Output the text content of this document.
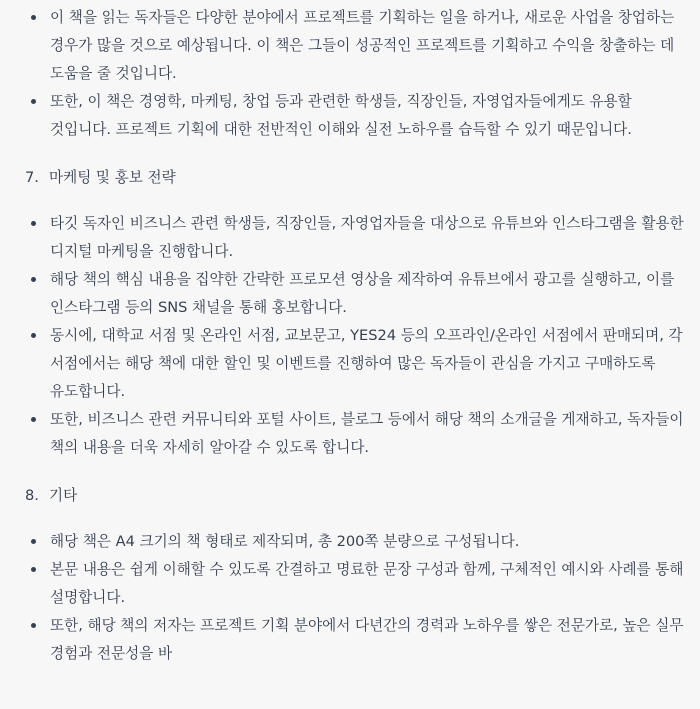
이 책을 읽는 독자들은 다양한 분야에서 프로젝트를 기획하는 일을 하거나, 새로운 사업을 창업하는 경우가 많을 것으로 예상됩니다. 이 책은 그들이 성공적인 프로젝트를 기획하고 수익을 창출하는 데 도움을 줄 것입니다.
또한, 이 책은 경영학, 마케팅, 창업 등과 관련한 학생들, 직장인들, 자영업자들에게도 유용할 것입니다. 프로젝트 기획에 대한 전반적인 이해와 실전 노하우를 습득할 수 있기 때문입니다.
7. 마케팅 및 홍보 전략
타깃 독자인 비즈니스 관련 학생들, 직장인들, 자영업자들을 대상으로 유튜브와 인스타그램을 활용한 디지털 마케팅을 진행합니다.
해당 책의 핵심 내용을 집약한 간략한 프로모션 영상을 제작하여 유튜브에서 광고를 실행하고, 이를 인스타그램 등의 SNS 채널을 통해 홍보합니다.
동시에, 대학교 서점 및 온라인 서점, 교보문고, YES24 등의 오프라인/온라인 서점에서 판매되며, 각 서점에서는 해당 책에 대한 할인 및 이벤트를 진행하여 많은 독자들이 관심을 가지고 구매하도록 유도합니다.
또한, 비즈니스 관련 커뮤니티와 포털 사이트, 블로그 등에서 해당 책의 소개글을 게재하고, 독자들이 책의 내용을 더욱 자세히 알아갈 수 있도록 합니다.
8. 기타
해당 책은 A4 크기의 책 형태로 제작되며, 총 200쪽 분량으로 구성됩니다.
본문 내용은 쉽게 이해할 수 있도록 간결하고 명료한 문장 구성과 함께, 구체적인 예시와 사례를 통해 설명합니다.
또한, 해당 책의 저자는 프로젝트 기획 분야에서 다년간의 경력과 노하우를 쌓은 전문가로, 높은 실무 경험과 전문성을 바
